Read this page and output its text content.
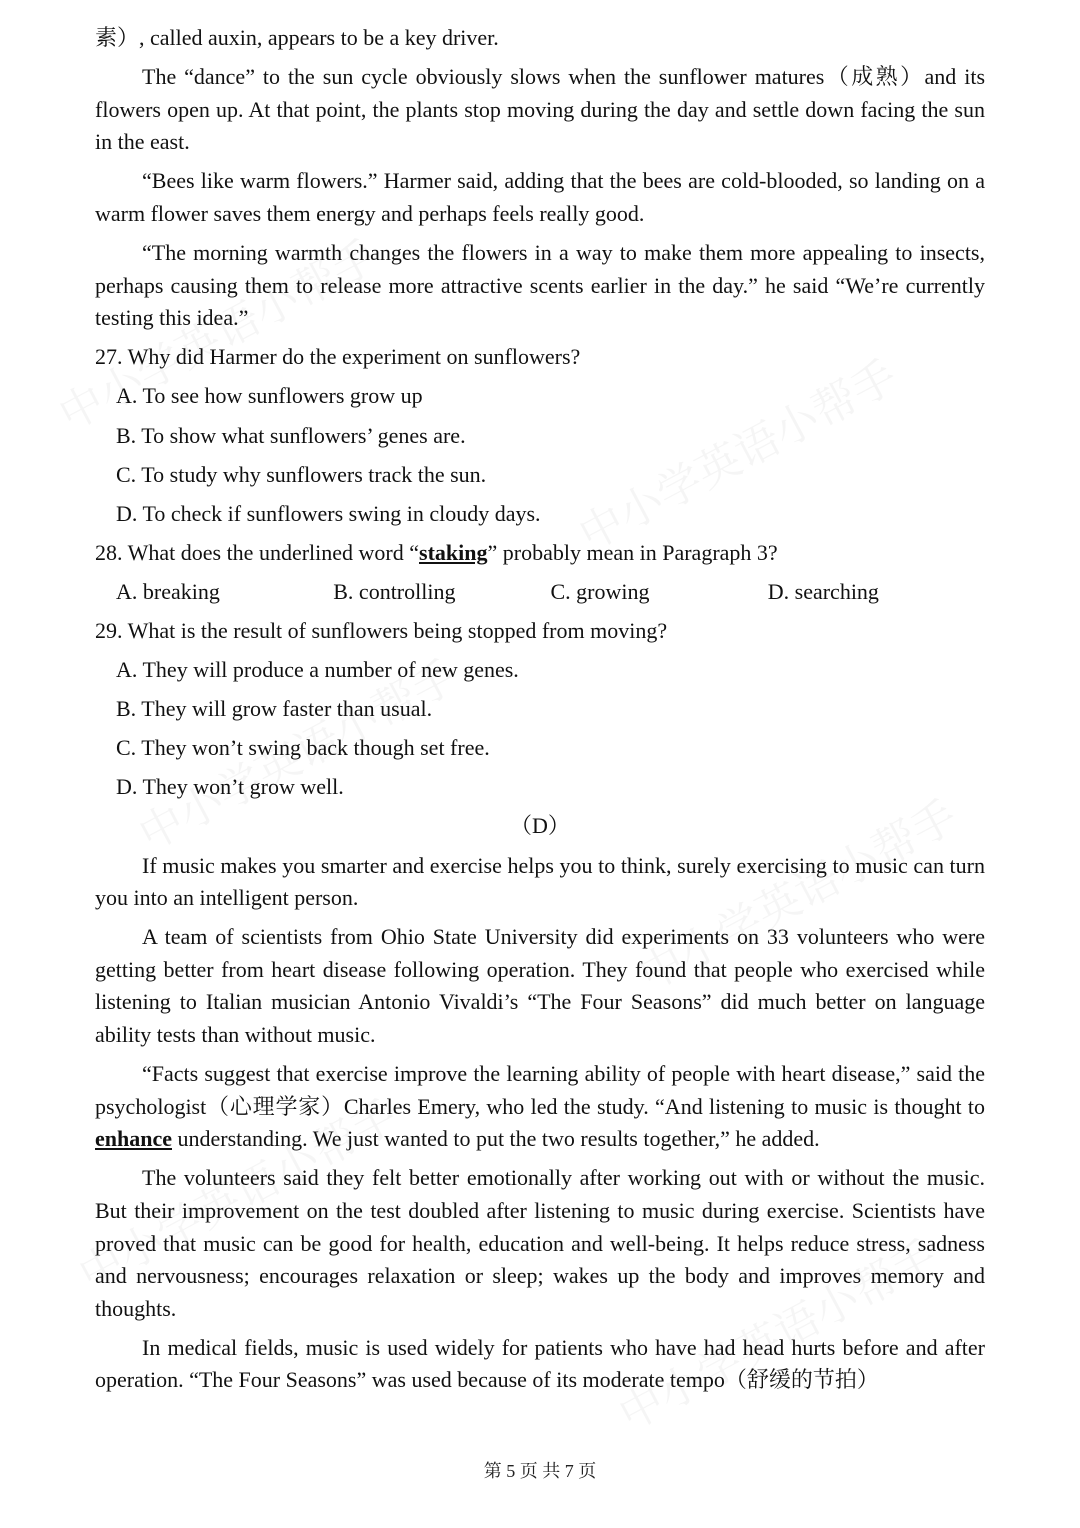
素）, called auxin, appears to be a key driver.

The “dance” to the sun cycle obviously slows when the sunflower matures（成熟）and its flowers open up. At that point, the plants stop moving during the day and settle down facing the sun in the east.

“Bees like warm flowers.” Harmer said, adding that the bees are cold-blooded, so landing on a warm flower saves them energy and perhaps feels really good.

“The morning warmth changes the flowers in a way to make them more appealing to insects, perhaps causing them to release more attractive scents earlier in the day.” he said “We’re currently testing this idea.”

27. Why did Harmer do the experiment on sunflowers?

A. To see how sunflowers grow up

B. To show what sunflowers’ genes are.

C. To study why sunflowers track the sun.

D. To check if sunflowers swing in cloudy days.

28. What does the underlined word “staking” probably mean in Paragraph 3?

A. breaking	B. controlling	C. growing	D. searching

29. What is the result of sunflowers being stopped from moving?

A. They will produce a number of new genes.

B. They will grow faster than usual.

C. They won’t swing back though set free.

D. They won’t grow well.

（D）

If music makes you smarter and exercise helps you to think, surely exercising to music can turn you into an intelligent person.

A team of scientists from Ohio State University did experiments on 33 volunteers who were getting better from heart disease following operation. They found that people who exercised while listening to Italian musician Antonio Vivaldi’s “The Four Seasons” did much better on language ability tests than without music.

“Facts suggest that exercise improve the learning ability of people with heart disease,” said the psychologist（心理学家）Charles Emery, who led the study. “And listening to music is thought to enhance understanding. We just wanted to put the two results together,” he added.

The volunteers said they felt better emotionally after working out with or without the music. But their improvement on the test doubled after listening to music during exercise. Scientists have proved that music can be good for health, education and well-being. It helps reduce stress, sadness and nervousness; encourages relaxation or sleep; wakes up the body and improves memory and thoughts.

In medical fields, music is used widely for patients who have had head hurts before and after operation. “The Four Seasons” was used because of its moderate tempo（舒缓的节拍）

第 5 页 共 7 页
